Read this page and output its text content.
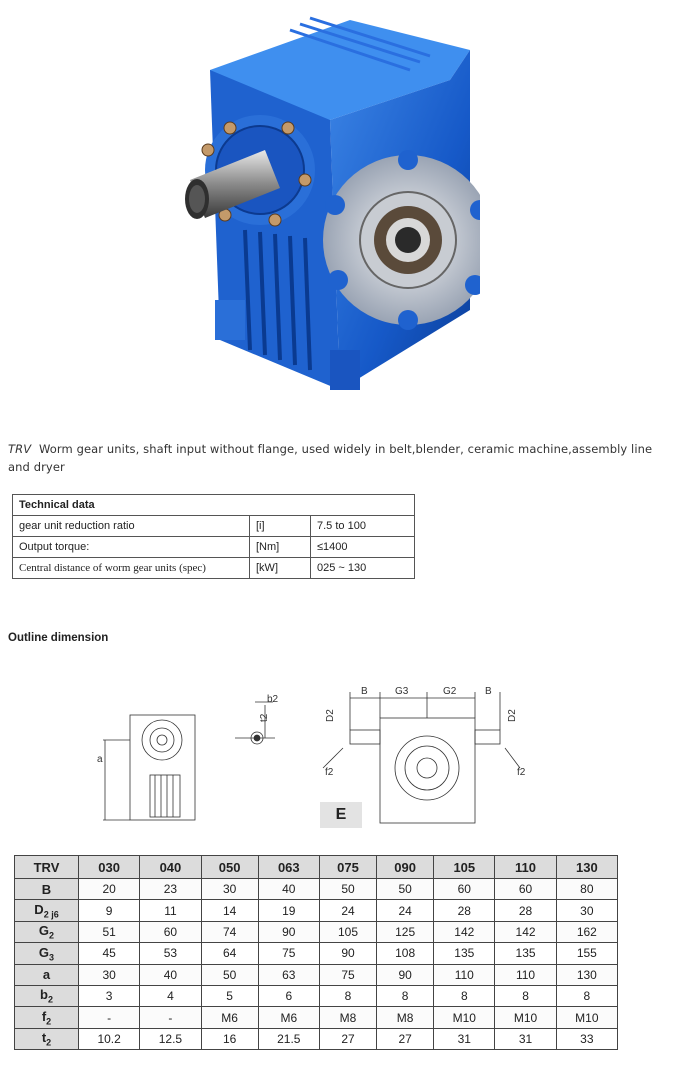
TRV Worm gear units, shaft input without flange, used widely in belt,blender, ceramic machine,assembly line and dryer
Technical data		
gear unit reduction ratio	[i]	7.5 to 100
Output torque:	[Nm]	≤1400
Central distance of worm gear units (spec)	[kW]	025 ~ 130
Outline dimension
a
b2
t2
B	G3	G2	B
D2	D2
f2	f2
E
TRV	030	040	050	063	075	090	105	110	130
B	20	23	30	40	50	50	60	60	80
$D_{2 j6}$	9	11	14	19	24	24	28	28	30
$G_2$	51	60	74	90	105	125	142	142	162
$G_3$	45	53	64	75	90	108	135	135	155
a	30	40	50	63	75	90	110	110	130
$b_2$	3	4	5	6	8	8	8	8	8
$f_2$	-	-	M6	M6	M8	M8	M10	M10	M10
$t_2$	10.2	12.5	16	21.5	27	27	31	31	33
